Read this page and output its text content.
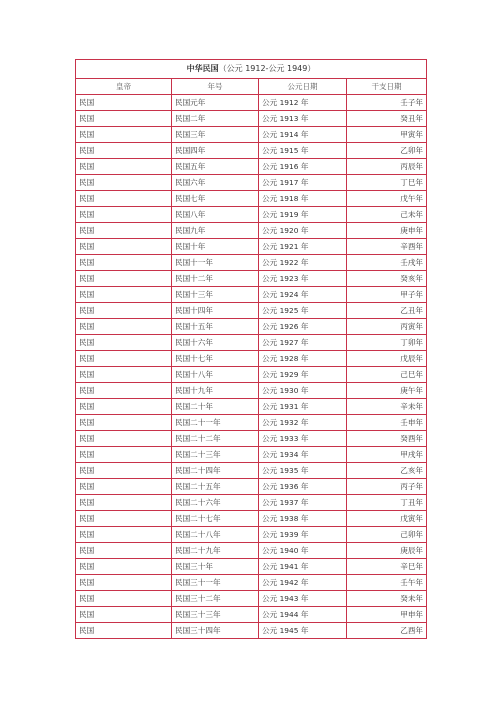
中华民国（公元 1912-公元 1949）			
皇帝	年号	公元日期	干支日期
民国	民国元年	公元 1912 年	壬子年
民国	民国二年	公元 1913 年	癸丑年
民国	民国三年	公元 1914 年	甲寅年
民国	民国四年	公元 1915 年	乙卯年
民国	民国五年	公元 1916 年	丙辰年
民国	民国六年	公元 1917 年	丁巳年
民国	民国七年	公元 1918 年	戊午年
民国	民国八年	公元 1919 年	己未年
民国	民国九年	公元 1920 年	庚申年
民国	民国十年	公元 1921 年	辛酉年
民国	民国十一年	公元 1922 年	壬戌年
民国	民国十二年	公元 1923 年	癸亥年
民国	民国十三年	公元 1924 年	甲子年
民国	民国十四年	公元 1925 年	乙丑年
民国	民国十五年	公元 1926 年	丙寅年
民国	民国十六年	公元 1927 年	丁卯年
民国	民国十七年	公元 1928 年	戊辰年
民国	民国十八年	公元 1929 年	己巳年
民国	民国十九年	公元 1930 年	庚午年
民国	民国二十年	公元 1931 年	辛未年
民国	民国二十一年	公元 1932 年	壬申年
民国	民国二十二年	公元 1933 年	癸酉年
民国	民国二十三年	公元 1934 年	甲戌年
民国	民国二十四年	公元 1935 年	乙亥年
民国	民国二十五年	公元 1936 年	丙子年
民国	民国二十六年	公元 1937 年	丁丑年
民国	民国二十七年	公元 1938 年	戊寅年
民国	民国二十八年	公元 1939 年	己卯年
民国	民国二十九年	公元 1940 年	庚辰年
民国	民国三十年	公元 1941 年	辛巳年
民国	民国三十一年	公元 1942 年	壬午年
民国	民国三十二年	公元 1943 年	癸未年
民国	民国三十三年	公元 1944 年	甲申年
民国	民国三十四年	公元 1945 年	乙酉年
